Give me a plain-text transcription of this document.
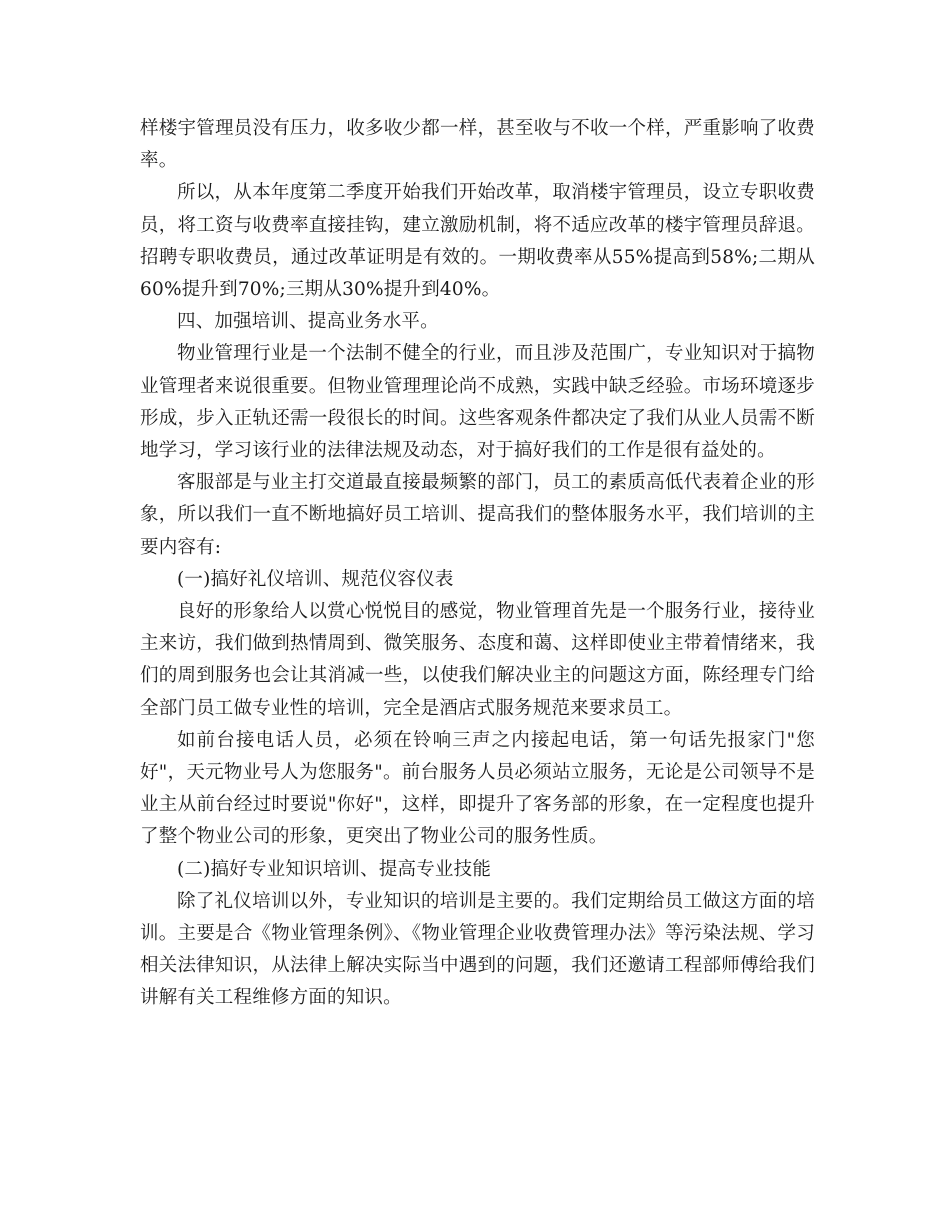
样楼宇管理员没有压力，收多收少都一样，甚至收与不收一个样，严重影响了收费率。

所以，从本年度第二季度开始我们开始改革，取消楼宇管理员，设立专职收费员，将工资与收费率直接挂钩，建立激励机制，将不适应改革的楼宇管理员辞退。招聘专职收费员，通过改革证明是有效的。一期收费率从55%提高到58%;二期从60%提升到70%;三期从30%提升到40%。

四、加强培训、提高业务水平。

物业管理行业是一个法制不健全的行业，而且涉及范围广，专业知识对于搞物业管理者来说很重要。但物业管理理论尚不成熟，实践中缺乏经验。市场环境逐步形成，步入正轨还需一段很长的时间。这些客观条件都决定了我们从业人员需不断地学习，学习该行业的法律法规及动态，对于搞好我们的工作是很有益处的。

客服部是与业主打交道最直接最频繁的部门，员工的素质高低代表着企业的形象，所以我们一直不断地搞好员工培训、提高我们的整体服务水平，我们培训的主要内容有:

(一)搞好礼仪培训、规范仪容仪表

良好的形象给人以赏心悦悦目的感觉，物业管理首先是一个服务行业，接待业主来访，我们做到热情周到、微笑服务、态度和蔼、这样即使业主带着情绪来，我们的周到服务也会让其消减一些，以使我们解决业主的问题这方面，陈经理专门给全部门员工做专业性的培训，完全是酒店式服务规范来要求员工。

如前台接电话人员，必须在铃响三声之内接起电话，第一句话先报家门"您好"，天元物业号人为您服务"。前台服务人员必须站立服务，无论是公司领导不是业主从前台经过时要说"你好"，这样，即提升了客务部的形象，在一定程度也提升了整个物业公司的形象，更突出了物业公司的服务性质。

(二)搞好专业知识培训、提高专业技能

除了礼仪培训以外，专业知识的培训是主要的。我们定期给员工做这方面的培训。主要是合《物业管理条例》、《物业管理企业收费管理办法》等污染法规、学习相关法律知识，从法律上解决实际当中遇到的问题，我们还邀请工程部师傅给我们讲解有关工程维修方面的知识。
